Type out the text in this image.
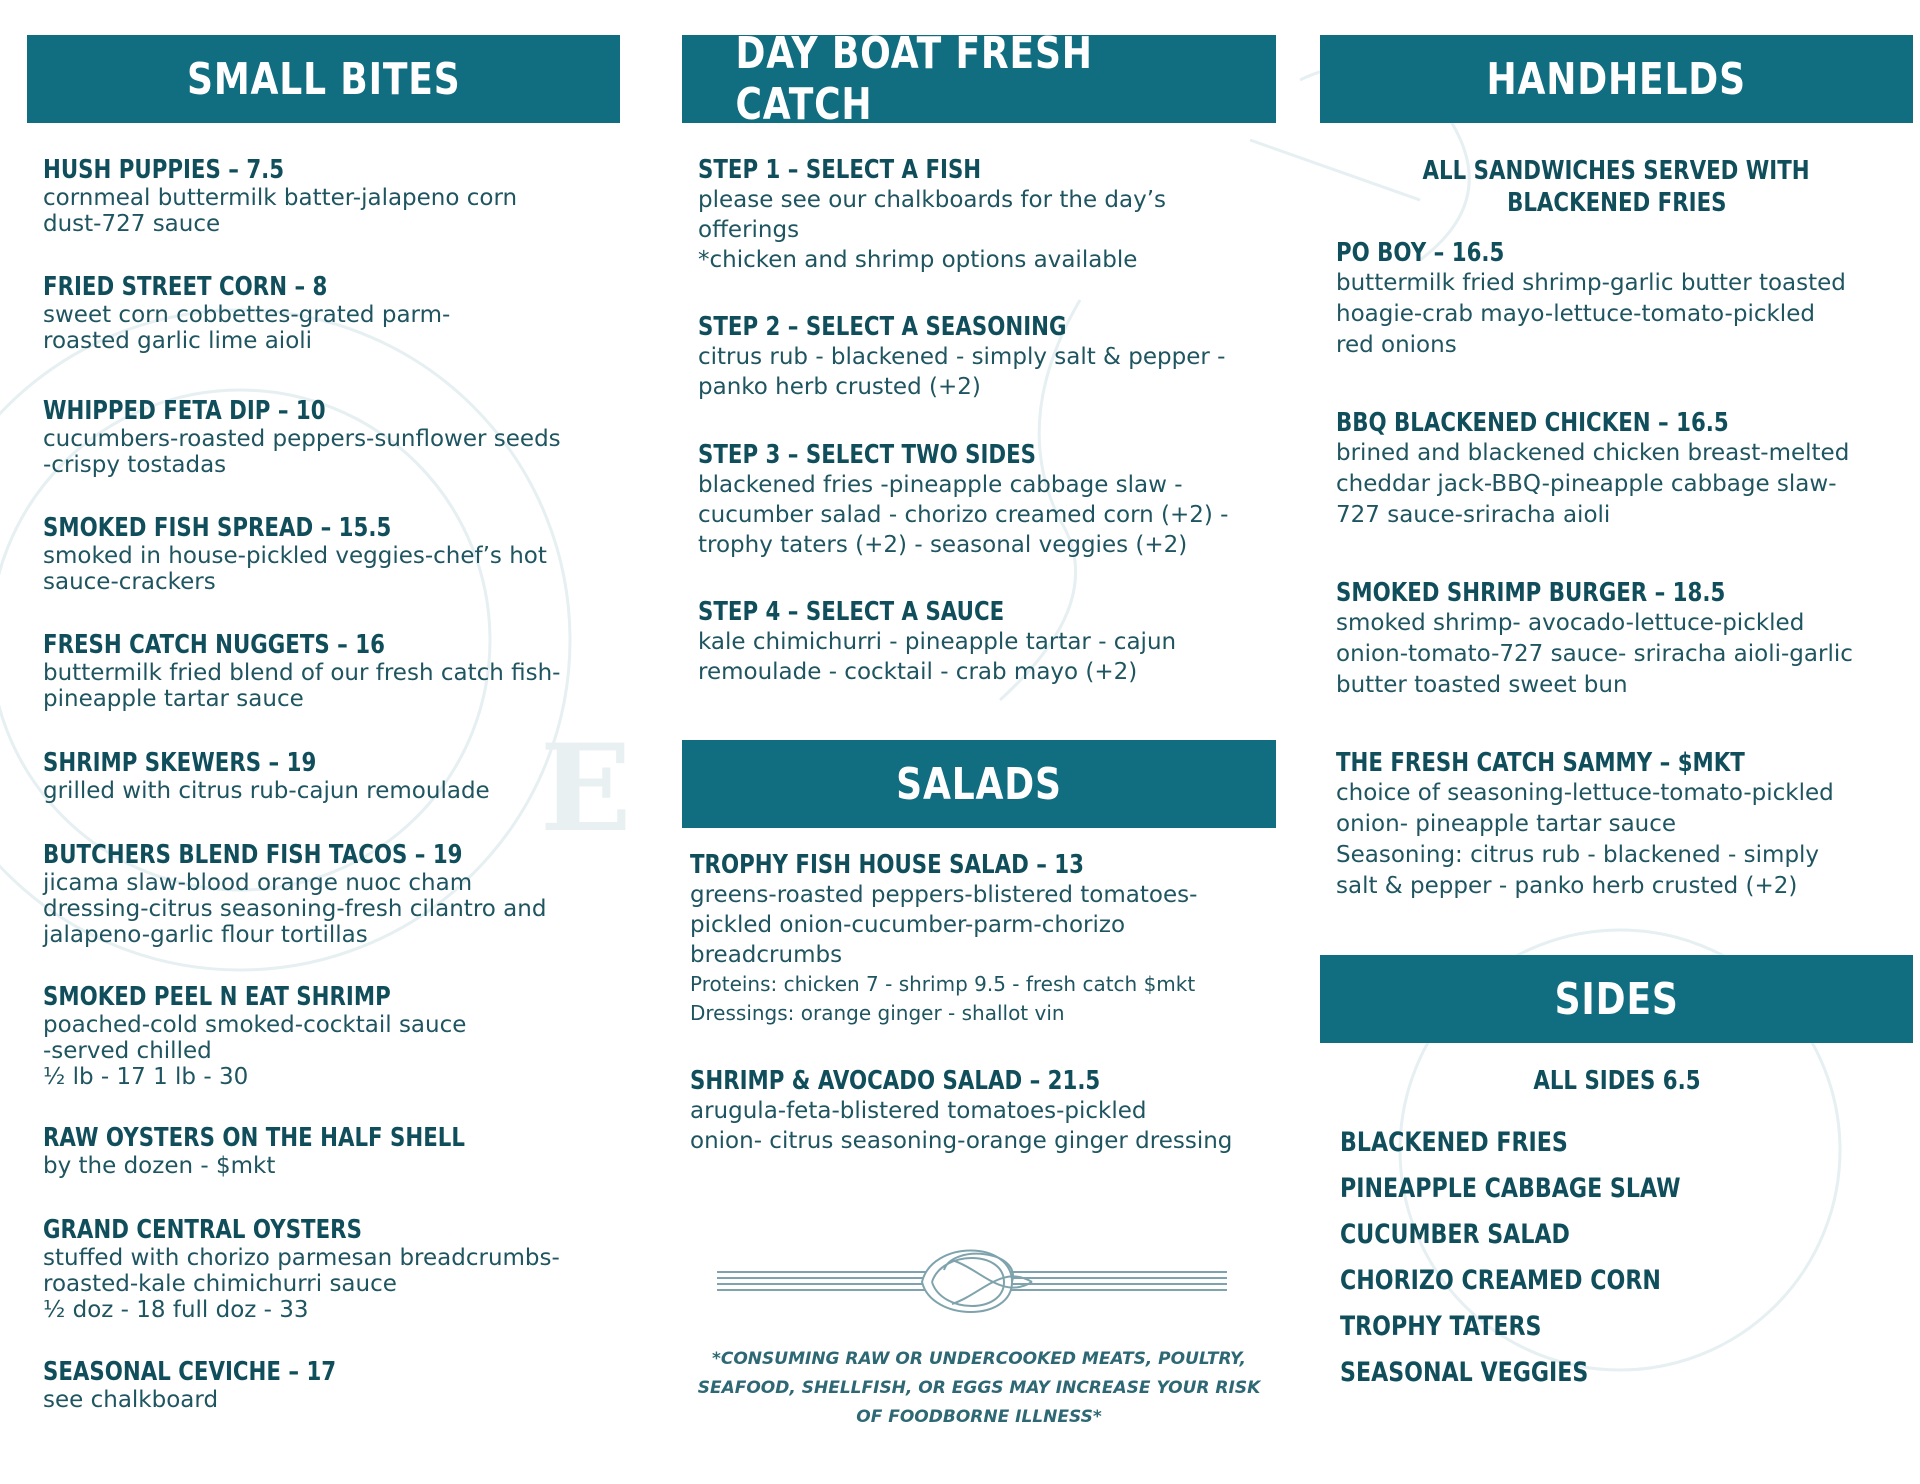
E
SMALL BITES
HUSH PUPPIES – 7.5
cornmeal buttermilk batter-jalapeno corn
dust-727 sauce
FRIED STREET CORN – 8
sweet corn cobbettes-grated parm-
roasted garlic lime aioli
WHIPPED FETA DIP – 10
cucumbers-roasted peppers-sunflower seeds
-crispy tostadas
SMOKED FISH SPREAD – 15.5
smoked in house-pickled veggies-chef’s hot
sauce-crackers
FRESH CATCH NUGGETS – 16
buttermilk fried blend of our fresh catch fish-
pineapple tartar sauce
SHRIMP SKEWERS – 19
grilled with citrus rub-cajun remoulade
BUTCHERS BLEND FISH TACOS – 19
jicama slaw-blood orange nuoc cham
dressing-citrus seasoning-fresh cilantro and
jalapeno-garlic flour tortillas
SMOKED PEEL N EAT SHRIMP
poached-cold smoked-cocktail sauce
-served chilled
½ lb - 17 1 lb - 30
RAW OYSTERS ON THE HALF SHELL
by the dozen - $mkt
GRAND CENTRAL OYSTERS
stuffed with chorizo parmesan breadcrumbs-
roasted-kale chimichurri sauce
½ doz - 18 full doz - 33
SEASONAL CEVICHE – 17
see chalkboard
DAY BOAT FRESH CATCH
STEP 1 – SELECT A FISH
please see our chalkboards for the day’s
offerings
*chicken and shrimp options available
STEP 2 – SELECT A SEASONING
citrus rub - blackened - simply salt & pepper -
panko herb crusted (+2)
STEP 3 – SELECT TWO SIDES
blackened fries -pineapple cabbage slaw -
cucumber salad - chorizo creamed corn (+2) -
trophy taters (+2) - seasonal veggies (+2)
STEP 4 – SELECT A SAUCE
kale chimichurri - pineapple tartar - cajun
remoulade - cocktail - crab mayo (+2)
SALADS
TROPHY FISH HOUSE SALAD – 13
greens-roasted peppers-blistered tomatoes-
pickled onion-cucumber-parm-chorizo
breadcrumbs
Proteins: chicken 7 - shrimp 9.5 - fresh catch $mkt
Dressings: orange ginger - shallot vin
SHRIMP & AVOCADO SALAD – 21.5
arugula-feta-blistered tomatoes-pickled
onion- citrus seasoning-orange ginger dressing
*CONSUMING RAW OR UNDERCOOKED MEATS, POULTRY, SEAFOOD, SHELLFISH, OR EGGS MAY INCREASE YOUR RISK OF FOODBORNE ILLNESS*
HANDHELDS
ALL SANDWICHES SERVED WITH
BLACKENED FRIES
PO BOY – 16.5
buttermilk fried shrimp-garlic butter toasted
hoagie-crab mayo-lettuce-tomato-pickled
red onions
BBQ BLACKENED CHICKEN – 16.5
brined and blackened chicken breast-melted
cheddar jack-BBQ-pineapple cabbage slaw-
727 sauce-sriracha aioli
SMOKED SHRIMP BURGER – 18.5
smoked shrimp- avocado-lettuce-pickled
onion-tomato-727 sauce- sriracha aioli-garlic
butter toasted sweet bun
THE FRESH CATCH SAMMY – $MKT
choice of seasoning-lettuce-tomato-pickled
onion- pineapple tartar sauce
Seasoning: citrus rub - blackened - simply
salt & pepper - panko herb crusted (+2)
SIDES
ALL SIDES 6.5
BLACKENED FRIES
PINEAPPLE CABBAGE SLAW
CUCUMBER SALAD
CHORIZO CREAMED CORN
TROPHY TATERS
SEASONAL VEGGIES
